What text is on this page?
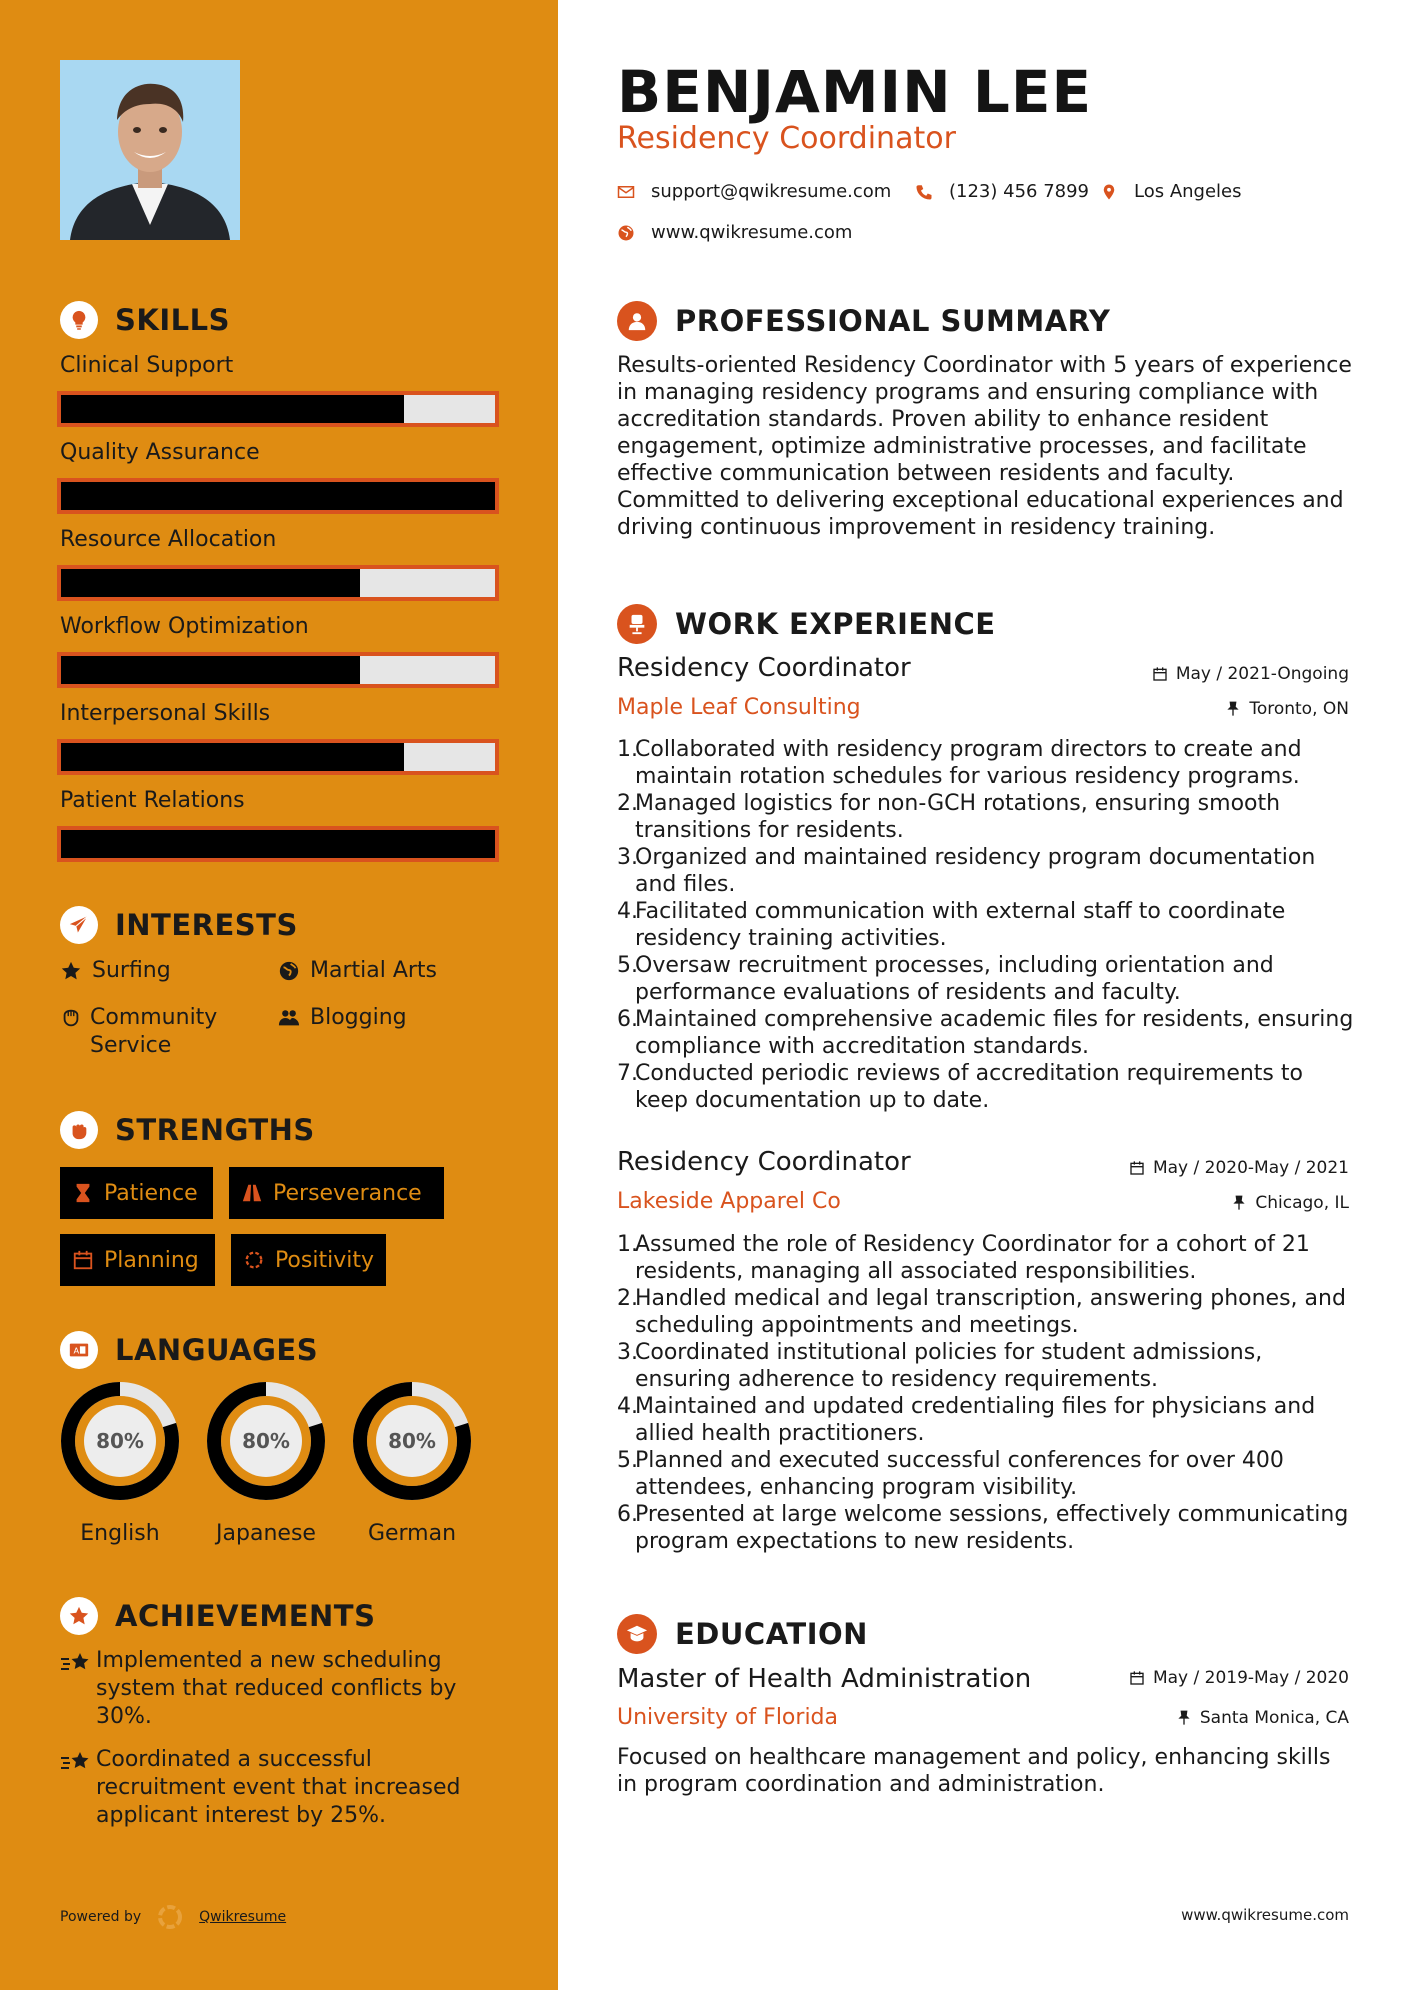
SKILLS
Clinical Support
Quality Assurance
Resource Allocation
Workflow Optimization
Interpersonal Skills
Patient Relations
INTERESTS
Surfing	Martial Arts
Community Service
Blogging
STRENGTHS
Patience	Perseverance
Planning	Positivity
A LANGUAGES
80%
English
80%
Japanese
80%
German
ACHIEVEMENTS
Implemented a new scheduling system that reduced conflicts by 30%.
Coordinated a successful recruitment event that increased applicant interest by 25%.
Powered by	Qwikresume
BENJAMIN LEE
Residency Coordinator
support@qwikresume.com	(123) 456 7899 Los Angeles
www.qwikresume.com
PROFESSIONAL SUMMARY
Results-oriented Residency Coordinator with 5 years of experience in managing residency programs and ensuring compliance with accreditation standards. Proven ability to enhance resident engagement, optimize administrative processes, and facilitate effective communication between residents and faculty. Committed to delivering exceptional educational experiences and driving continuous improvement in residency training.
WORK EXPERIENCE
Residency Coordinator	May / 2021-Ongoing
Maple Leaf Consulting	Toronto, ON
1.
Collaborated with residency program directors to create and maintain rotation schedules for various residency programs.
2.
Managed logistics for non-GCH rotations, ensuring smooth transitions for residents.
3.
Organized and maintained residency program documentation and files.
4.
Facilitated communication with external staff to coordinate residency training activities.
5.
Oversaw recruitment processes, including orientation and performance evaluations of residents and faculty.
6.
Maintained comprehensive academic files for residents, ensuring compliance with accreditation standards.
7.
Conducted periodic reviews of accreditation requirements to keep documentation up to date.
Residency Coordinator	May / 2020-May / 2021
Lakeside Apparel Co	Chicago, IL
1.
Assumed the role of Residency Coordinator for a cohort of 21 residents, managing all associated responsibilities.
2.
Handled medical and legal transcription, answering phones, and scheduling appointments and meetings.
3.
Coordinated institutional policies for student admissions, ensuring adherence to residency requirements.
4.
Maintained and updated credentialing files for physicians and allied health practitioners.
5.
Planned and executed successful conferences for over 400 attendees, enhancing program visibility.
6.
Presented at large welcome sessions, effectively communicating program expectations to new residents.
EDUCATION
Master of Health Administration	May / 2019-May / 2020
University of Florida	Santa Monica, CA
Focused on healthcare management and policy, enhancing skills in program coordination and administration.
www.qwikresume.com
